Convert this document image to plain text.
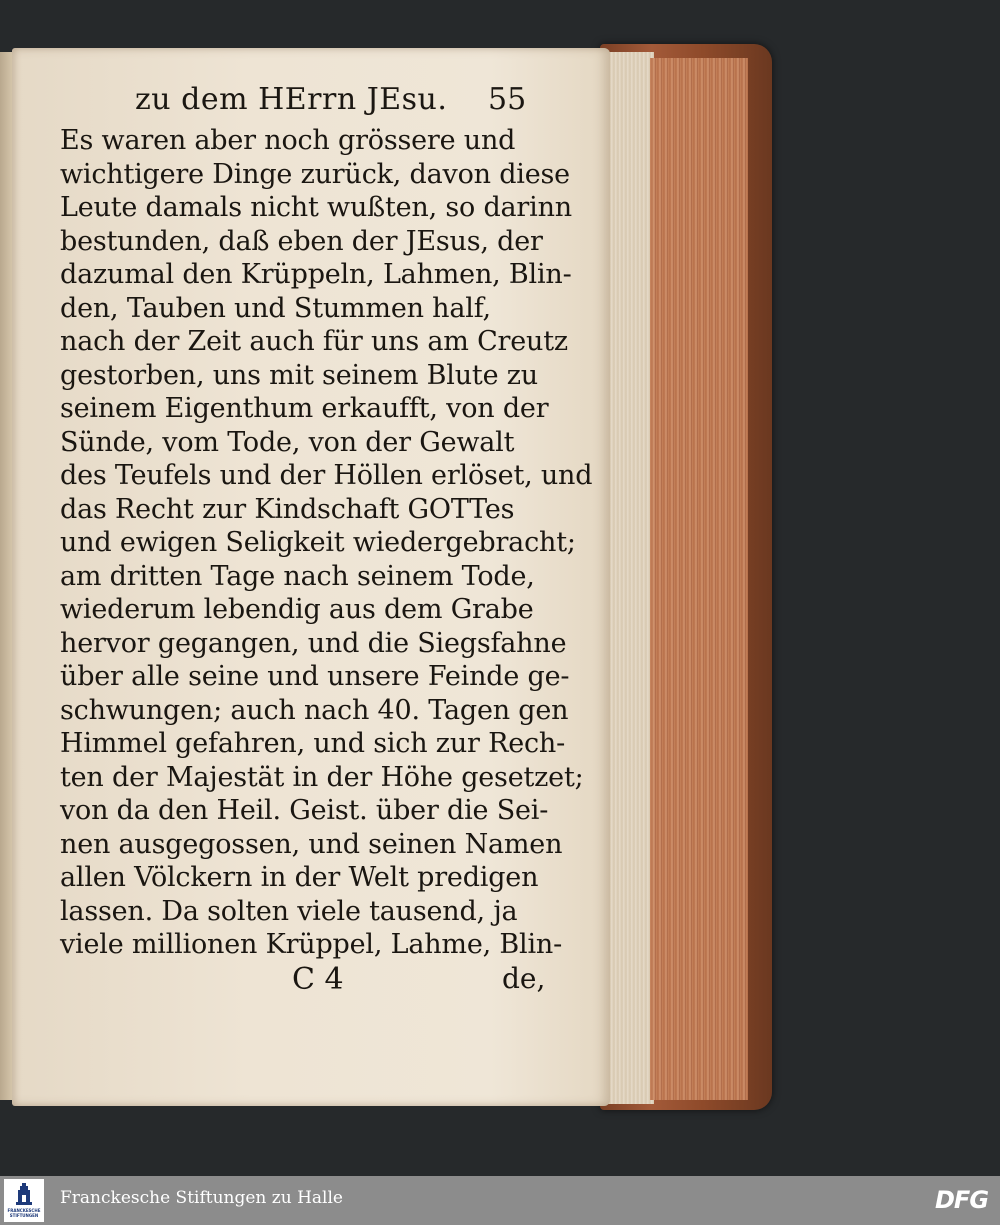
zu dem HErrn JEsu. 55
Es waren aber noch grössere und
wichtigere Dinge zurück, davon diese
Leute damals nicht wußten, so darinn
bestunden, daß eben der JEsus, der
dazumal den Krüppeln, Lahmen, Blin-
den, Tauben und Stummen half,
nach der Zeit auch für uns am Creutz
gestorben, uns mit seinem Blute zu
seinem Eigenthum erkaufft, von der
Sünde, vom Tode, von der Gewalt
des Teufels und der Höllen erlöset, und
das Recht zur Kindschaft GOTTes
und ewigen Seligkeit wiedergebracht;
am dritten Tage nach seinem Tode,
wiederum lebendig aus dem Grabe
hervor gegangen, und die Siegsfahne
über alle seine und unsere Feinde ge-
schwungen; auch nach 40. Tagen gen
Himmel gefahren, und sich zur Rech-
ten der Majestät in der Höhe gesetzet;
von da den Heil. Geist. über die Sei-
nen ausgegossen, und seinen Namen
allen Völckern in der Welt predigen
lassen. Da solten viele tausend, ja
viele millionen Krüppel, Lahme, Blin-
C 4	de,
FRANCKESCHE STIFTUNGEN
Franckesche Stiftungen zu Halle	DFG
